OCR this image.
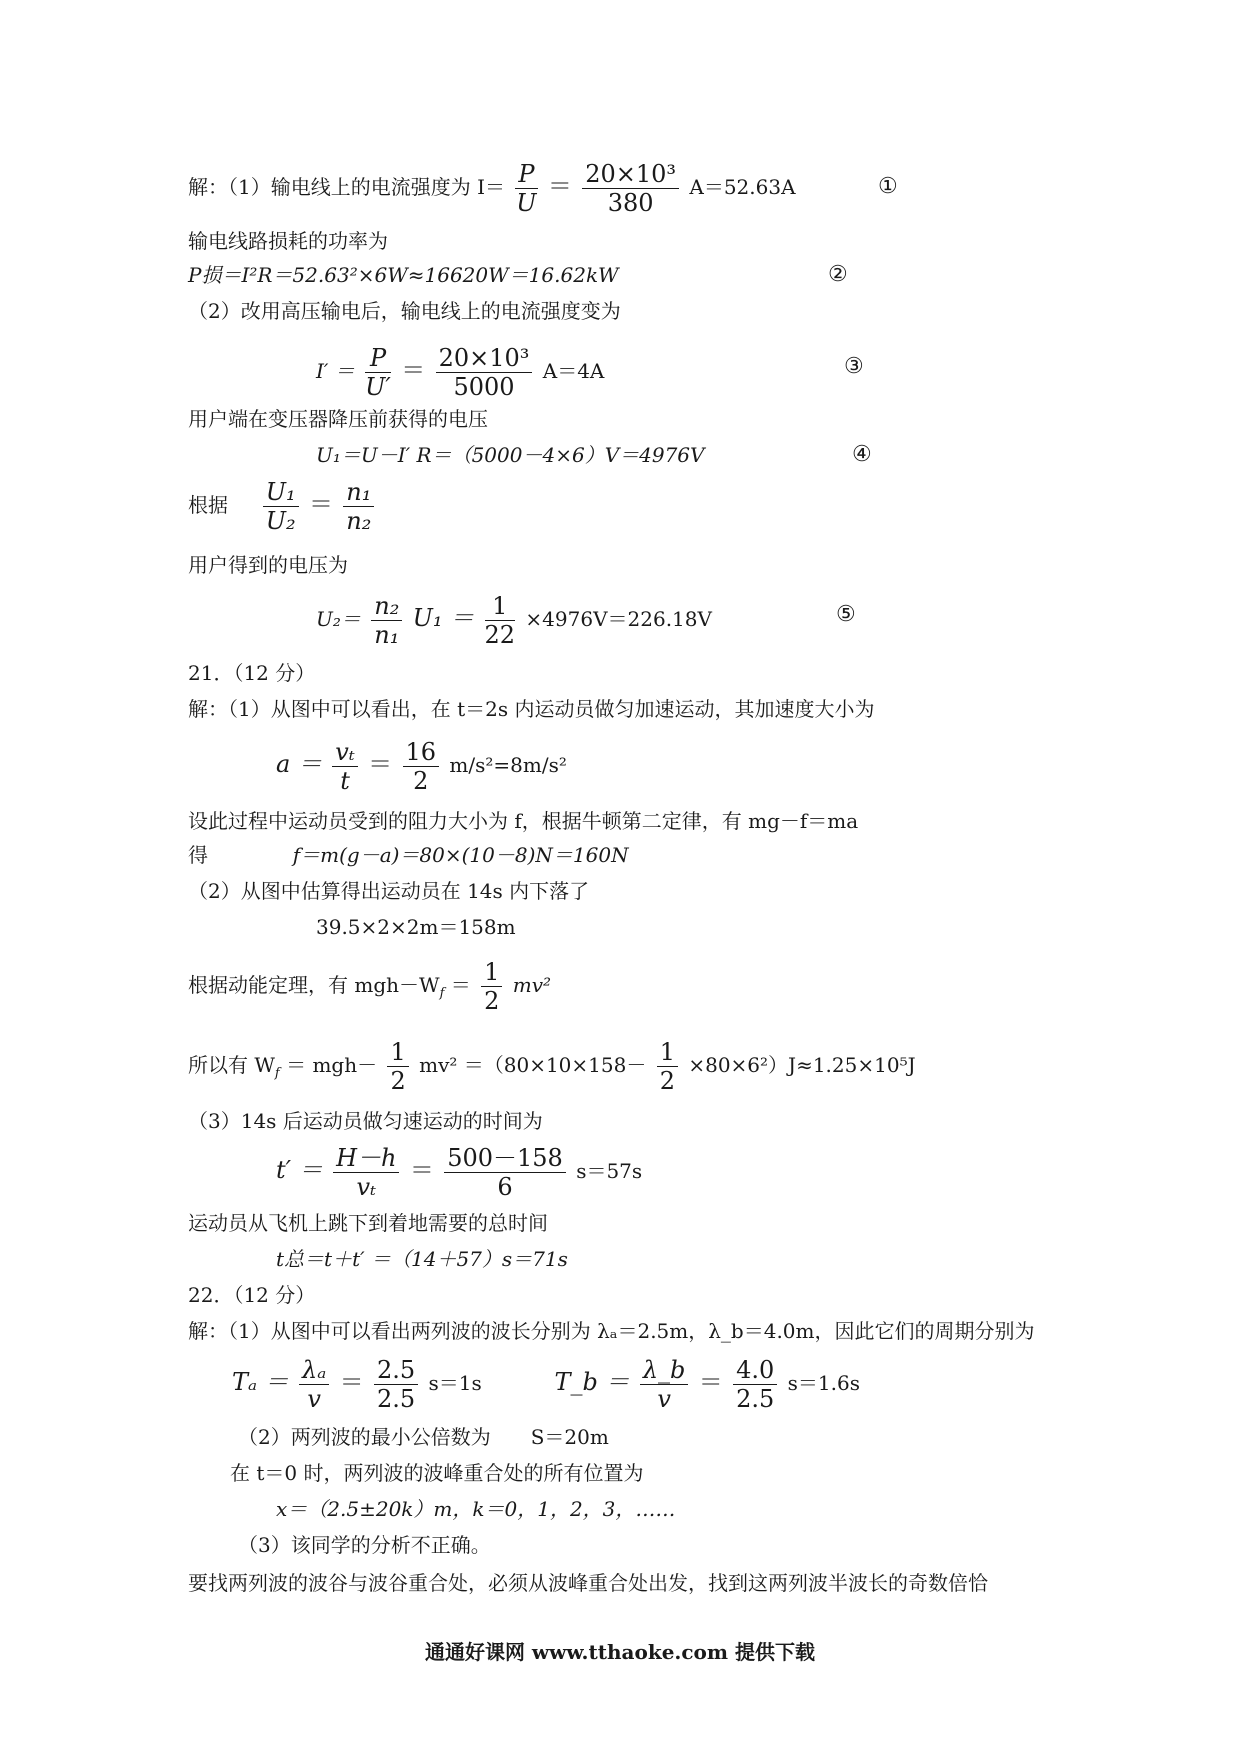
解：（1）输电线上的电流强度为 $I= \frac{P}{U} = \frac{\text{20×10³}}{380} A=52.63A$	①
输电线路损耗的功率为
P损＝I²R＝52.63²×6W≈16620W＝16.62kW	②
（2）改用高压输电后，输电线上的电流强度变为
$I' = \frac{P}{U'} = \frac{\text{20×10³}}{5000} A=4A$	③
用户端在变压器降压前获得的电压
U₁＝U－I′ R＝（5000－4×6）V＝4976V	④
根据 $\frac{\text{U₁}}{\text{U₂}} = \frac{\text{n₁}}{\text{n₂}}$
用户得到的电压为
$U_2= \frac{\text{n₂}}{\text{n₁}} U_1 = \frac{1}{22} \times 4976V=226.18V$	⑤
21．（12 分）
解：（1）从图中可以看出，在 t＝2s 内运动员做匀加速运动，其加速度大小为
$a = \frac{\text{vₜ}}{t} = \frac{16}{2} m/s^2=8m/s^2$
设此过程中运动员受到的阻力大小为 f，根据牛顿第二定律，有 mg－f＝ma
得	f＝m(g－a)＝80×(10－8)N＝160N
（2）从图中估算得出运动员在 14s 内下落了
39.5×2×2m＝158m
根据动能定理，有 $mgh-W_f = \frac{1}{2} mv^2$
所以有 $W_f = mgh- \frac{1}{2} mv^2 =(80\times 10\times 158- \frac{1}{2} \times 80\times 6^2)J\approx 1.25\times 10^5J$
（3）14s 后运动员做匀速运动的时间为
$t' = \frac{H-h}{\text{vₜ}} = \frac{500-158}{6} s=57s$
运动员从飞机上跳下到着地需要的总时间
t总＝t＋t′ ＝（14＋57）s＝71s
22．（12 分）
解：（1）从图中可以看出两列波的波长分别为 λₐ＝2.5m，λ_b＝4.0m，因此它们的周期分别为
$T_a = \frac{\text{λₐ}}{v} = \frac{2.5}{2.5} s=1s$	T_b ＝ $\frac{\lambda\_b}{v} = \frac{4.0}{2.5} s=1.6s$
（2）两列波的最小公倍数为　　S＝20m
在 t＝0 时，两列波的波峰重合处的所有位置为
x＝（2.5±20k）m，k＝0，1，2，3，……
（3）该同学的分析不正确。
要找两列波的波谷与波谷重合处，必须从波峰重合处出发，找到这两列波半波长的奇数倍恰
通通好课网 www.tthaoke.com 提供下载
